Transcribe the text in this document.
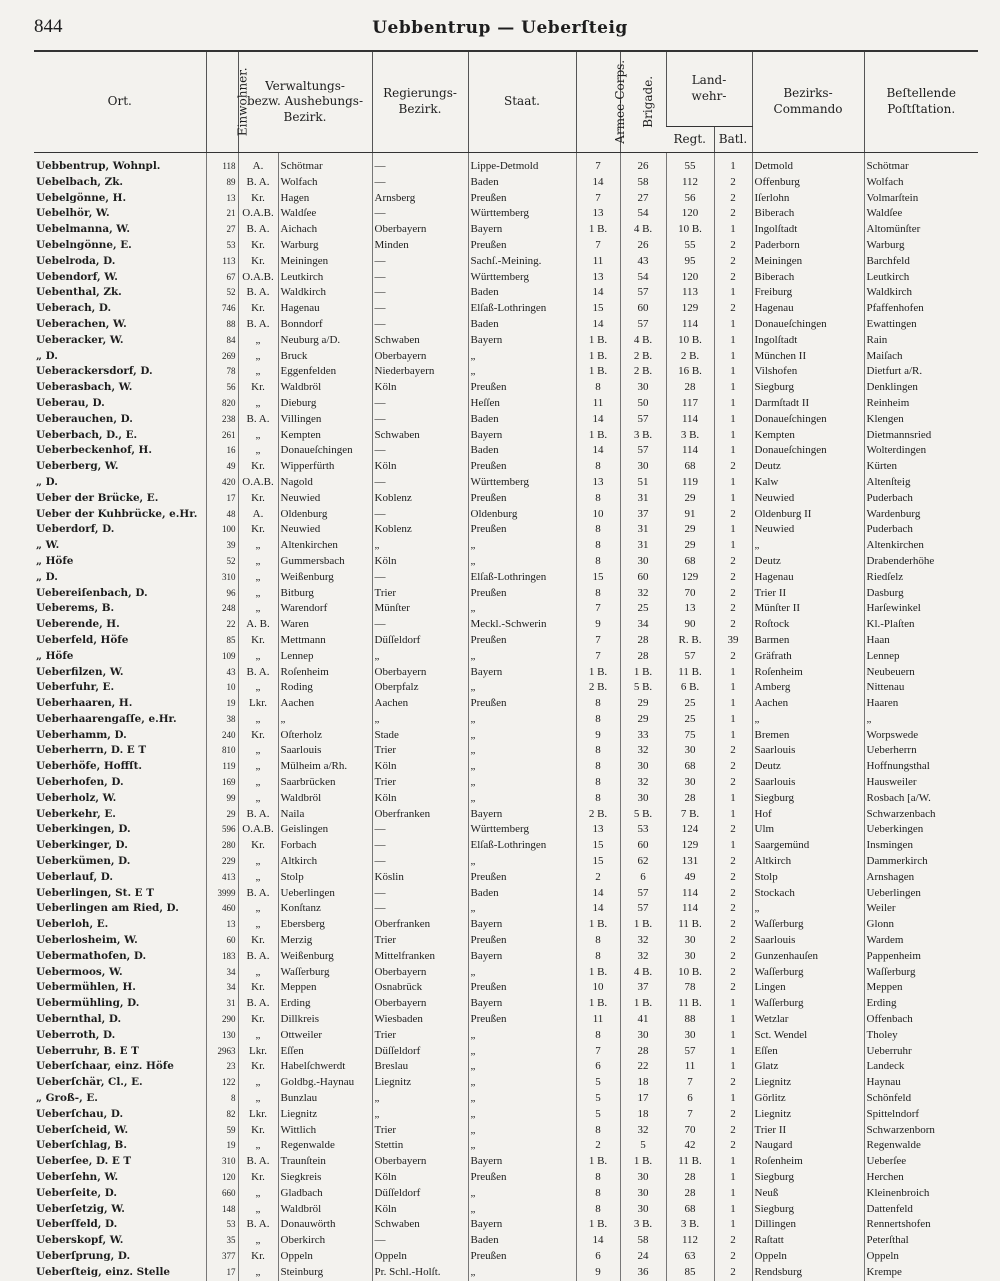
844	Uebbentrup — Ueberſteig
Ort.	Einwohner.	Verwaltungs-
bezw. Aushebungs-
Bezirk.		Regierungs-
Bezirk.	Staat.	Armee-Corps.	Brigade.	Land-
wehr-		Bezirks-
Commando	Beſtellende
Poſtſtation.
								Regt.	Batl.		

Uebbentrup, Wohnpl.	118	A.	Schötmar	—	Lippe-Detmold	7	26	55	1	Detmold	Schötmar
Uebelbach, Zk.	89	B. A.	Wolfach	—	Baden	14	58	112	2	Offenburg	Wolfach
Uebelgönne, H.	13	Kr.	Hagen	Arnsberg	Preußen	7	27	56	2	Iſerlohn	Volmarſtein
Uebelhör, W.	21	O.A.B.	Waldſee	—	Württemberg	13	54	120	2	Biberach	Waldſee
Uebelmanna, W.	27	B. A.	Aichach	Oberbayern	Bayern	1 B.	4 B.	10 B.	1	Ingolſtadt	Altomünſter
Uebelngönne, E.	53	Kr.	Warburg	Minden	Preußen	7	26	55	2	Paderborn	Warburg
Uebelroda, D.	113	Kr.	Meiningen	—	Sachſ.-Meining.	11	43	95	2	Meiningen	Barchfeld
Uebendorf, W.	67	O.A.B.	Leutkirch	—	Württemberg	13	54	120	2	Biberach	Leutkirch
Uebenthal, Zk.	52	B. A.	Waldkirch	—	Baden	14	57	113	1	Freiburg	Waldkirch
Ueberach, D.	746	Kr.	Hagenau	—	Elſaß-Lothringen	15	60	129	2	Hagenau	Pfaffenhofen
Ueberachen, W.	88	B. A.	Bonndorf	—	Baden	14	57	114	1	Donaueſchingen	Ewattingen
Ueberacker, W.	84	„	Neuburg a/D.	Schwaben	Bayern	1 B.	4 B.	10 B.	1	Ingolſtadt	Rain
„ D.	269	„	Bruck	Oberbayern	„	1 B.	2 B.	2 B.	1	München II	Maiſach
Ueberackersdorf, D.	78	„	Eggenfelden	Niederbayern	„	1 B.	2 B.	16 B.	1	Vilshofen	Dietfurt a/R.
Ueberasbach, W.	56	Kr.	Waldbröl	Köln	Preußen	8	30	28	1	Siegburg	Denklingen
Ueberau, D.	820	„	Dieburg	—	Heſſen	11	50	117	1	Darmſtadt II	Reinheim
Ueberauchen, D.	238	B. A.	Villingen	—	Baden	14	57	114	1	Donaueſchingen	Klengen
Ueberbach, D., E.	261	„	Kempten	Schwaben	Bayern	1 B.	3 B.	3 B.	1	Kempten	Dietmannsried
Ueberbeckenhof, H.	16	„	Donaueſchingen	—	Baden	14	57	114	1	Donaueſchingen	Wolterdingen
Ueberberg, W.	49	Kr.	Wipperfürth	Köln	Preußen	8	30	68	2	Deutz	Kürten
„ D.	420	O.A.B.	Nagold	—	Württemberg	13	51	119	1	Kalw	Altenſteig
Ueber der Brücke, E.	17	Kr.	Neuwied	Koblenz	Preußen	8	31	29	1	Neuwied	Puderbach
Ueber der Kuhbrücke, e.Hr.	48	A.	Oldenburg	—	Oldenburg	10	37	91	2	Oldenburg II	Wardenburg
Ueberdorf, D.	100	Kr.	Neuwied	Koblenz	Preußen	8	31	29	1	Neuwied	Puderbach
„ W.	39	„	Altenkirchen	„	„	8	31	29	1	„	Altenkirchen
„ Höfe	52	„	Gummersbach	Köln	„	8	30	68	2	Deutz	Drabenderhöhe
„ D.	310	„	Weißenburg	—	Elſaß-Lothringen	15	60	129	2	Hagenau	Riedſelz
Uebereiſenbach, D.	96	„	Bitburg	Trier	Preußen	8	32	70	2	Trier II	Dasburg
Ueberems, B.	248	„	Warendorf	Münſter	„	7	25	13	2	Münſter II	Harſewinkel
Ueberende, H.	22	A. B.	Waren	—	Meckl.-Schwerin	9	34	90	2	Roſtock	Kl.-Plaſten
Ueberfeld, Höfe	85	Kr.	Mettmann	Düſſeldorf	Preußen	7	28	R. B.	39	Barmen	Haan
„ Höfe	109	„	Lennep	„	„	7	28	57	2	Gräfrath	Lennep
Ueberfilzen, W.	43	B. A.	Roſenheim	Oberbayern	Bayern	1 B.	1 B.	11 B.	1	Roſenheim	Neubeuern
Ueberfuhr, E.	10	„	Roding	Oberpfalz	„	2 B.	5 B.	6 B.	1	Amberg	Nittenau
Ueberhaaren, H.	19	Lkr.	Aachen	Aachen	Preußen	8	29	25	1	Aachen	Haaren
Ueberhaarengaſſe, e.Hr.	38	„	„	„	„	8	29	25	1	„	„
Ueberhamm, D.	240	Kr.	Oſterholz	Stade	„	9	33	75	1	Bremen	Worpswede
Ueberherrn, D. E T	810	„	Saarlouis	Trier	„	8	32	30	2	Saarlouis	Ueberherrn
Ueberhöfe, Hoffſt.	119	„	Mülheim a/Rh.	Köln	„	8	30	68	2	Deutz	Hoffnungsthal
Ueberhofen, D.	169	„	Saarbrücken	Trier	„	8	32	30	2	Saarlouis	Hausweiler
Ueberholz, W.	99	„	Waldbröl	Köln	„	8	30	28	1	Siegburg	Rosbach [a/W.
Ueberkehr, E.	29	B. A.	Naila	Oberfranken	Bayern	2 B.	5 B.	7 B.	1	Hof	Schwarzenbach
Ueberkingen, D.	596	O.A.B.	Geislingen	—	Württemberg	13	53	124	2	Ulm	Ueberkingen
Ueberkinger, D.	280	Kr.	Forbach	—	Elſaß-Lothringen	15	60	129	1	Saargemünd	Insmingen
Ueberkümen, D.	229	„	Altkirch	—	„	15	62	131	2	Altkirch	Dammerkirch
Ueberlauf, D.	413	„	Stolp	Köslin	Preußen	2	6	49	2	Stolp	Arnshagen
Ueberlingen, St. E T	3999	B. A.	Ueberlingen	—	Baden	14	57	114	2	Stockach	Ueberlingen
Ueberlingen am Ried, D.	460	„	Konſtanz	—	„	14	57	114	2	„	Weiler
Ueberloh, E.	13	„	Ebersberg	Oberfranken	Bayern	1 B.	1 B.	11 B.	2	Waſſerburg	Glonn
Ueberlosheim, W.	60	Kr.	Merzig	Trier	Preußen	8	32	30	2	Saarlouis	Wardem
Uebermathofen, D.	183	B. A.	Weißenburg	Mittelfranken	Bayern	8	32	30	2	Gunzenhauſen	Pappenheim
Uebermoos, W.	34	„	Waſſerburg	Oberbayern	„	1 B.	4 B.	10 B.	2	Waſſerburg	Waſſerburg
Uebermühlen, H.	34	Kr.	Meppen	Osnabrück	Preußen	10	37	78	2	Lingen	Meppen
Uebermühling, D.	31	B. A.	Erding	Oberbayern	Bayern	1 B.	1 B.	11 B.	1	Waſſerburg	Erding
Uebernthal, D.	290	Kr.	Dillkreis	Wiesbaden	Preußen	11	41	88	1	Wetzlar	Offenbach
Ueberroth, D.	130	„	Ottweiler	Trier	„	8	30	30	1	Sct. Wendel	Tholey
Ueberruhr, B. E T	2963	Lkr.	Eſſen	Düſſeldorf	„	7	28	57	1	Eſſen	Ueberruhr
Ueberſchaar, einz. Höfe	23	Kr.	Habelſchwerdt	Breslau	„	6	22	11	1	Glatz	Landeck
Ueberſchär, Cl., E.	122	„	Goldbg.-Haynau	Liegnitz	„	5	18	7	2	Liegnitz	Haynau
„ Groß-, E.	8	„	Bunzlau	„	„	5	17	6	1	Görlitz	Schönfeld
Ueberſchau, D.	82	Lkr.	Liegnitz	„	„	5	18	7	2	Liegnitz	Spittelndorf
Ueberſcheid, W.	59	Kr.	Wittlich	Trier	„	8	32	70	2	Trier II	Schwarzenborn
Ueberſchlag, B.	19	„	Regenwalde	Stettin	„	2	5	42	2	Naugard	Regenwalde
Ueberſee, D. E T	310	B. A.	Traunſtein	Oberbayern	Bayern	1 B.	1 B.	11 B.	1	Roſenheim	Ueberſee
Ueberſehn, W.	120	Kr.	Siegkreis	Köln	Preußen	8	30	28	1	Siegburg	Herchen
Ueberſeite, D.	660	„	Gladbach	Düſſeldorf	„	8	30	28	1	Neuß	Kleinenbroich
Ueberſetzig, W.	148	„	Waldbröl	Köln	„	8	30	68	1	Siegburg	Dattenfeld
Ueberſfeld, D.	53	B. A.	Donauwörth	Schwaben	Bayern	1 B.	3 B.	3 B.	1	Dillingen	Rennertshofen
Ueberskopf, W.	35	„	Oberkirch	—	Baden	14	58	112	2	Raſtatt	Peterſthal
Ueberſprung, D.	377	Kr.	Oppeln	Oppeln	Preußen	6	24	63	2	Oppeln	Oppeln
Ueberſteig, einz. Stelle	17	„	Steinburg	Pr. Schl.-Holſt.	„	9	36	85	2	Rendsburg	Krempe
